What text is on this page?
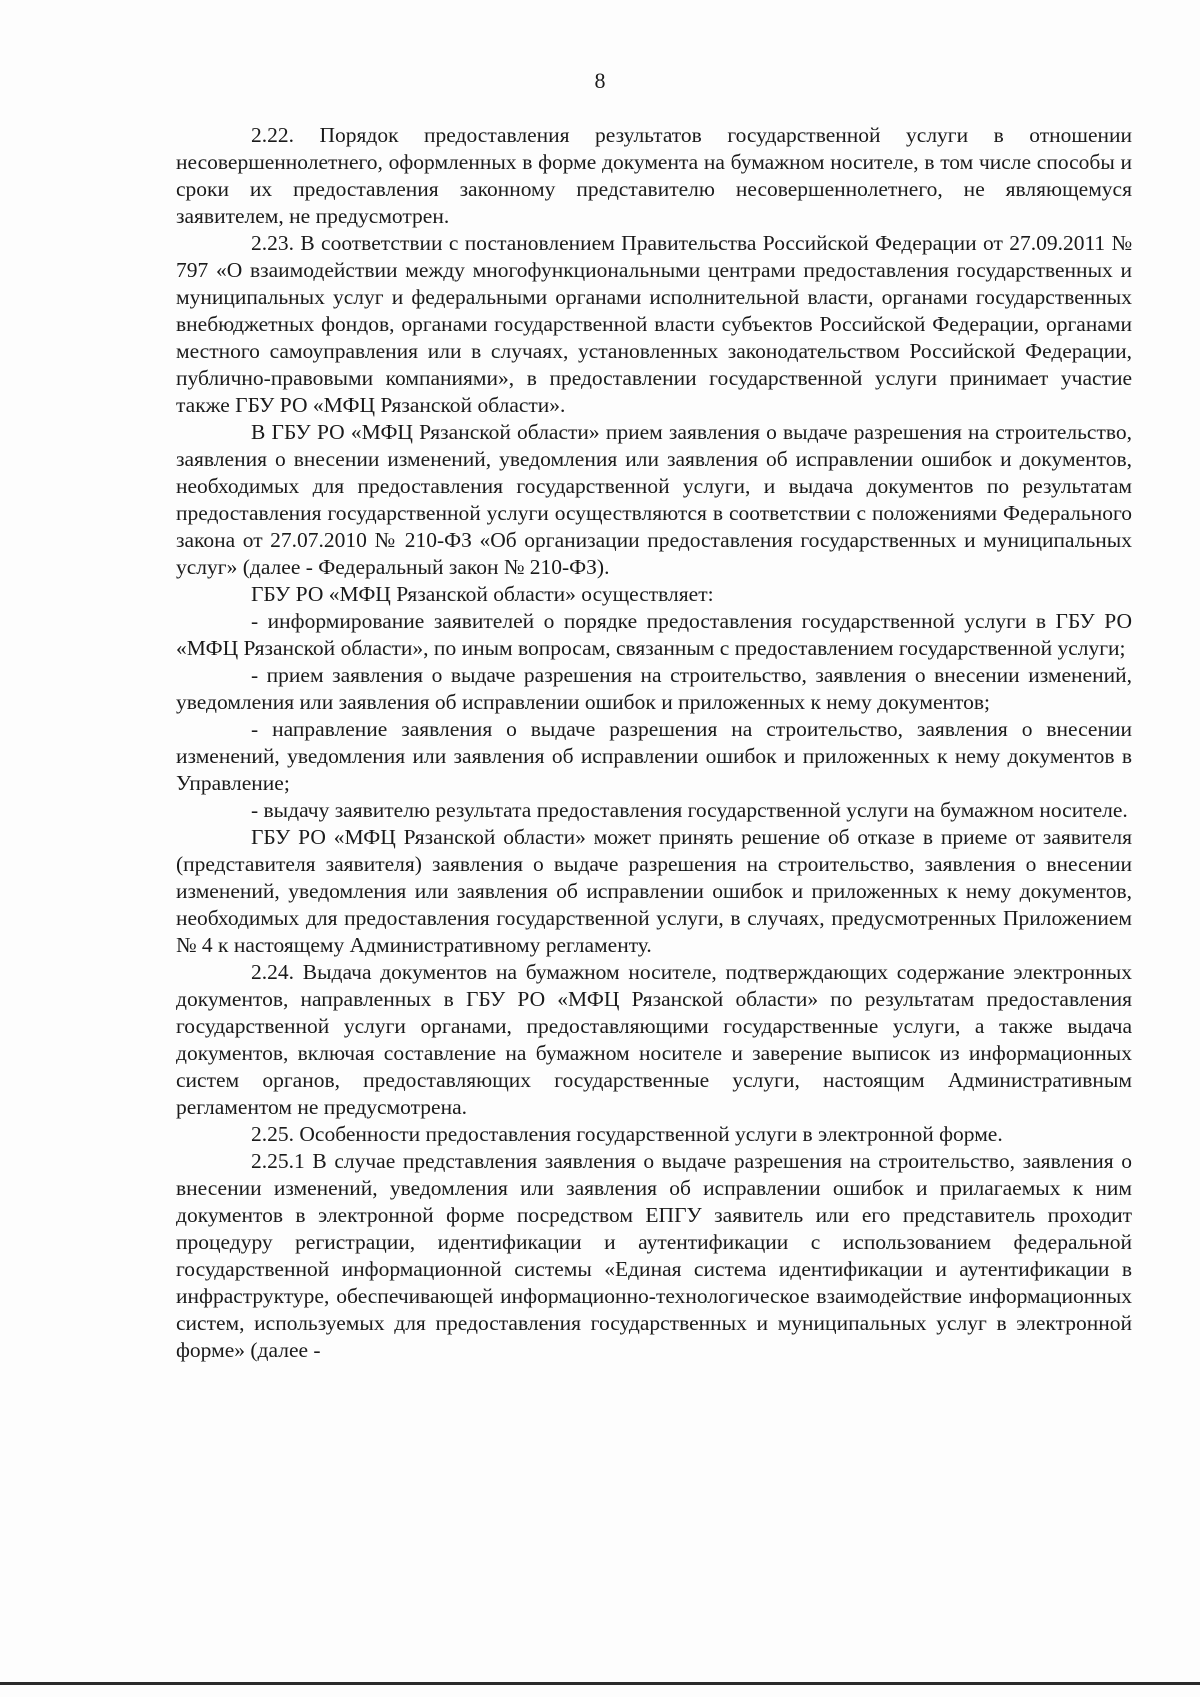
8

2.22. Порядок предоставления результатов государственной услуги в отношении несовершеннолетнего, оформленных в форме документа на бумажном носителе, в том числе способы и сроки их предоставления законному представителю несовершеннолетнего, не являющемуся заявителем, не предусмотрен.

2.23. В соответствии с постановлением Правительства Российской Федерации от 27.09.2011 № 797 «О взаимодействии между многофункциональными центрами предоставления государственных и муниципальных услуг и федеральными органами исполнительной власти, органами государственных внебюджетных фондов, органами государственной власти субъектов Российской Федерации, органами местного самоуправления или в случаях, установленных законодательством Российской Федерации, публично-правовыми компаниями», в предоставлении государственной услуги принимает участие также ГБУ РО «МФЦ Рязанской области».

В ГБУ РО «МФЦ Рязанской области» прием заявления о выдаче разрешения на строительство, заявления о внесении изменений, уведомления или заявления об исправлении ошибок и документов, необходимых для предоставления государственной услуги, и выдача документов по результатам предоставления государственной услуги осуществляются в соответствии с положениями Федерального закона от 27.07.2010 № 210-ФЗ «Об организации предоставления государственных и муниципальных услуг» (далее - Федеральный закон № 210-ФЗ).

ГБУ РО «МФЦ Рязанской области» осуществляет:

- информирование заявителей о порядке предоставления государственной услуги в ГБУ РО «МФЦ Рязанской области», по иным вопросам, связанным с предоставлением государственной услуги;

- прием заявления о выдаче разрешения на строительство, заявления о внесении изменений, уведомления или заявления об исправлении ошибок и приложенных к нему документов;

- направление заявления о выдаче разрешения на строительство, заявления о внесении изменений, уведомления или заявления об исправлении ошибок и приложенных к нему документов в Управление;

- выдачу заявителю результата предоставления государственной услуги на бумажном носителе.

ГБУ РО «МФЦ Рязанской области» может принять решение об отказе в приеме от заявителя (представителя заявителя) заявления о выдаче разрешения на строительство, заявления о внесении изменений, уведомления или заявления об исправлении ошибок и приложенных к нему документов, необходимых для предоставления государственной услуги, в случаях, предусмотренных Приложением № 4 к настоящему Административному регламенту.

2.24. Выдача документов на бумажном носителе, подтверждающих содержание электронных документов, направленных в ГБУ РО «МФЦ Рязанской области» по результатам предоставления государственной услуги органами, предоставляющими государственные услуги, а также выдача документов, включая составление на бумажном носителе и заверение выписок из информационных систем органов, предоставляющих государственные услуги, настоящим Административным регламентом не предусмотрена.

2.25. Особенности предоставления государственной услуги в электронной форме.

2.25.1 В случае представления заявления о выдаче разрешения на строительство, заявления о внесении изменений, уведомления или заявления об исправлении ошибок и прилагаемых к ним документов в электронной форме посредством ЕПГУ заявитель или его представитель проходит процедуру регистрации, идентификации и аутентификации с использованием федеральной государственной информационной системы «Единая система идентификации и аутентификации в инфраструктуре, обеспечивающей информационно-технологическое взаимодействие информационных систем, используемых для предоставления государственных и муниципальных услуг в электронной форме» (далее -
